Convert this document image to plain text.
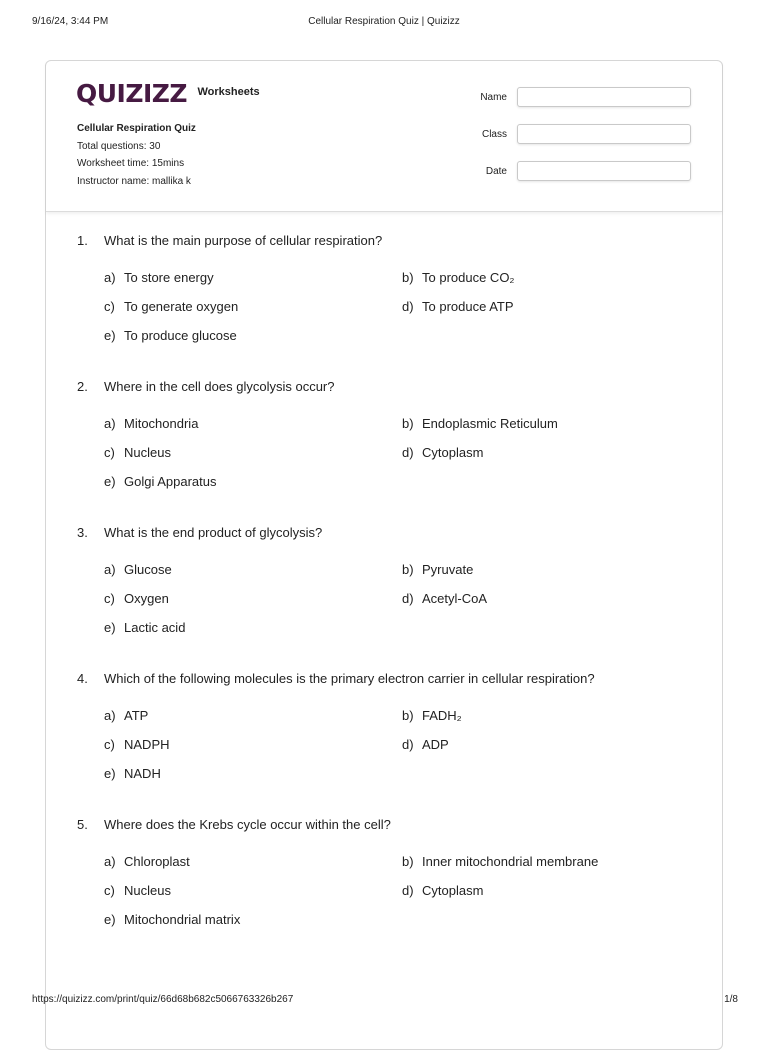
9/16/24, 3:44 PM	Cellular Respiration Quiz | Quizizz
QUIZIZZ Worksheets
Cellular Respiration Quiz
Total questions: 30
Worksheet time: 15mins
Instructor name: mallika k
Name
Class
Date
1. What is the main purpose of cellular respiration?
a) To store energy	b) To produce CO₂
c) To generate oxygen	d) To produce ATP
e) To produce glucose
2. Where in the cell does glycolysis occur?
a) Mitochondria	b) Endoplasmic Reticulum
c) Nucleus	d) Cytoplasm
e) Golgi Apparatus
3. What is the end product of glycolysis?
a) Glucose	b) Pyruvate
c) Oxygen	d) Acetyl-CoA
e) Lactic acid
4. Which of the following molecules is the primary electron carrier in cellular respiration?
a) ATP	b) FADH₂
c) NADPH	d) ADP
e) NADH
5. Where does the Krebs cycle occur within the cell?
a) Chloroplast	b) Inner mitochondrial membrane
c) Nucleus	d) Cytoplasm
e) Mitochondrial matrix
https://quizizz.com/print/quiz/66d68b682c5066763326b267	1/8
